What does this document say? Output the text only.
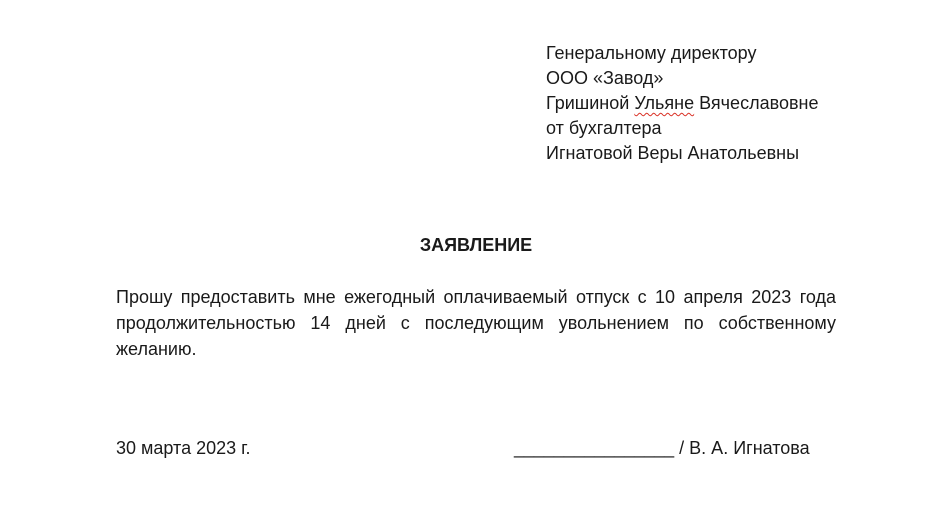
Генеральному директору
ООО «Завод»
Гришиной Ульяне Вячеславовне
от бухгалтера
Игнатовой Веры Анатольевны
ЗАЯВЛЕНИЕ
Прошу предоставить мне ежегодный оплачиваемый отпуск с 10 апреля 2023 года продолжительностью 14 дней с последующим увольнением по собственному желанию.
30 марта 2023 г.	________________ / В. А. Игнатова
